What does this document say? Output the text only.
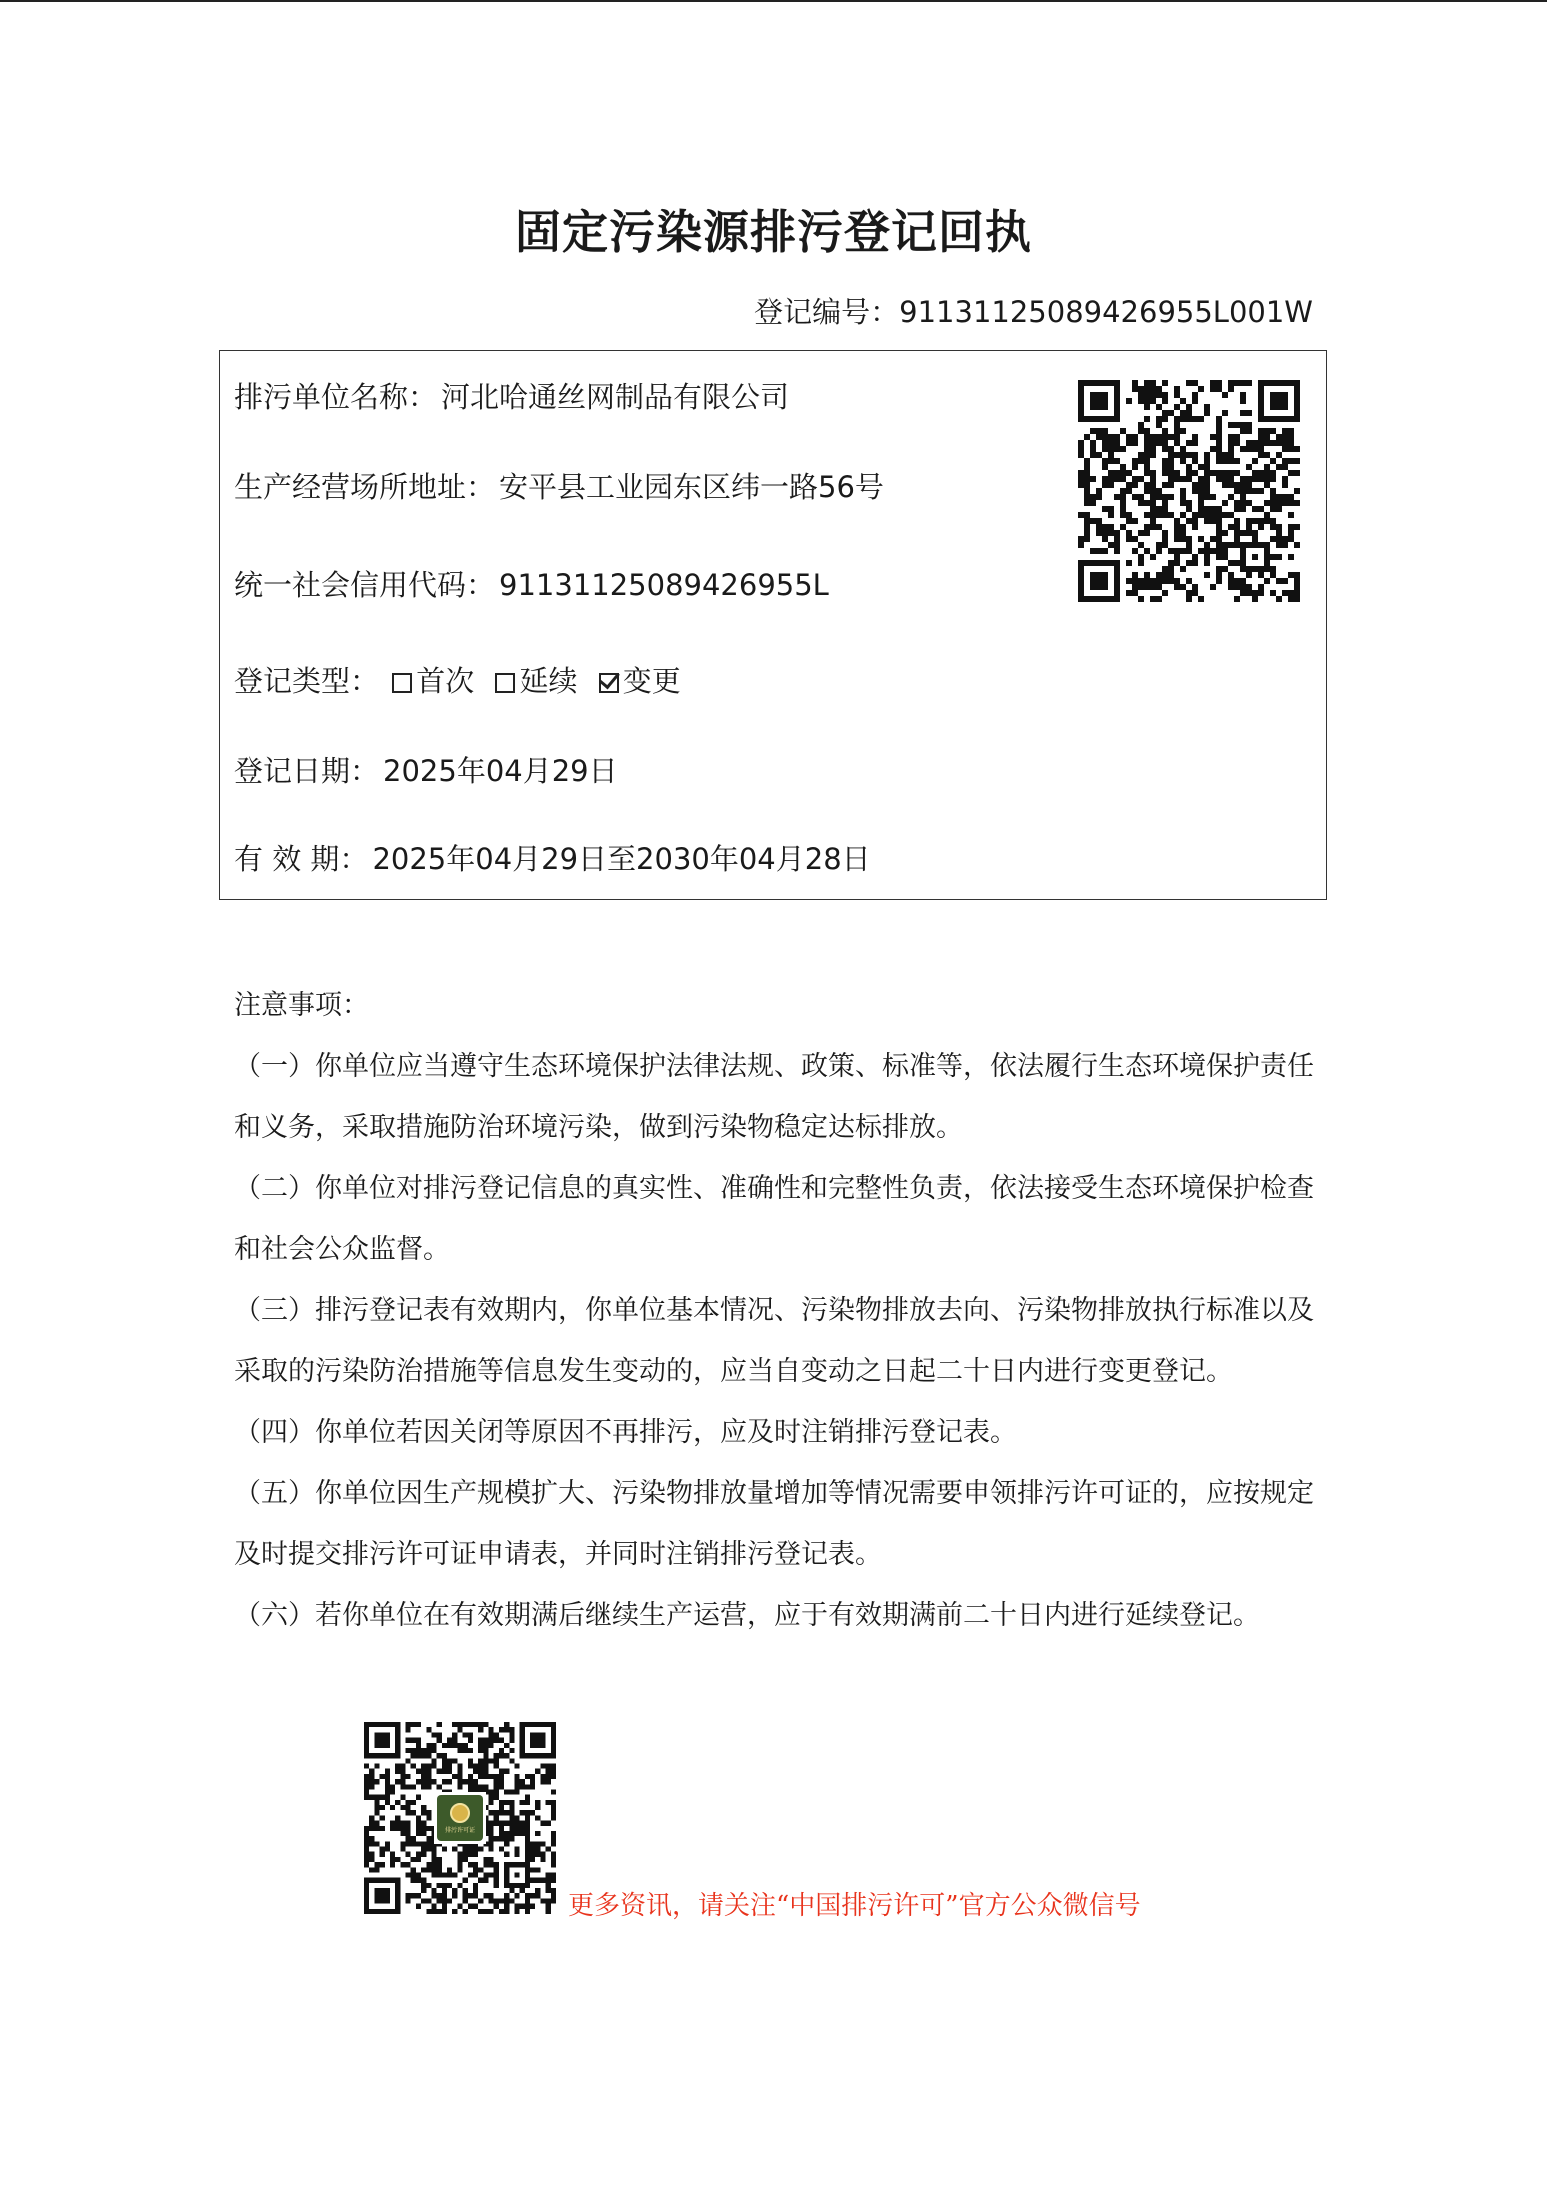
固定污染源排污登记回执
登记编号：91131125089426955L001W
排污单位名称： 河北哈通丝网制品有限公司
生产经营场所地址： 安平县工业园东区纬一路56号
统一社会信用代码： 91131125089426955L
登记类型： 首次 延续 变更
登记日期： 2025年04月29日
有 效 期： 2025年04月29日至2030年04月28日

注意事项：

（一）你单位应当遵守生态环境保护法律法规、政策、标准等，依法履行生态环境保护责任和义务，采取措施防治环境污染，做到污染物稳定达标排放。

（二）你单位对排污登记信息的真实性、准确性和完整性负责，依法接受生态环境保护检查和社会公众监督。

（三）排污登记表有效期内，你单位基本情况、污染物排放去向、污染物排放执行标准以及采取的污染防治措施等信息发生变动的，应当自变动之日起二十日内进行变更登记。

（四）你单位若因关闭等原因不再排污，应及时注销排污登记表。

（五）你单位因生产规模扩大、污染物排放量增加等情况需要申领排污许可证的，应按规定及时提交排污许可证申请表，并同时注销排污登记表。

（六）若你单位在有效期满后继续生产运营，应于有效期满前二十日内进行延续登记。

排污许可证
更多资讯，请关注“中国排污许可”官方公众微信号
